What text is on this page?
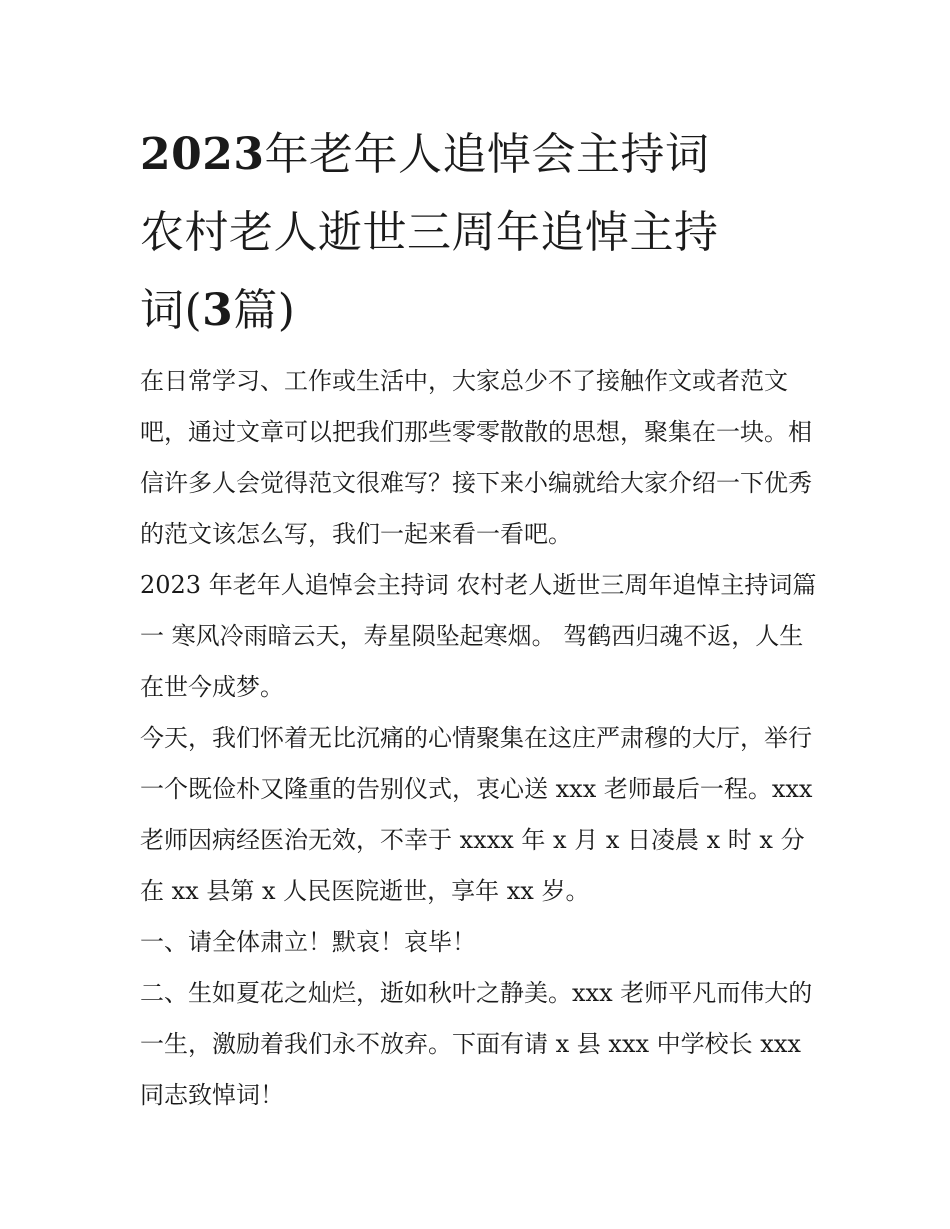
2023年老年人追悼会主持词
农村老人逝世三周年追悼主持
词(3篇)

在日常学习、工作或生活中，大家总少不了接触作文或者范文吧，通过文章可以把我们那些零零散散的思想，聚集在一块。相信许多人会觉得范文很难写？接下来小编就给大家介绍一下优秀的范文该怎么写，我们一起来看一看吧。

2023 年老年人追悼会主持词 农村老人逝世三周年追悼主持词篇一 寒风冷雨暗云天，寿星陨坠起寒烟。 驾鹤西归魂不返，人生在世今成梦。

今天，我们怀着无比沉痛的心情聚集在这庄严肃穆的大厅，举行一个既俭朴又隆重的告别仪式，衷心送 xxx 老师最后一程。xxx 老师因病经医治无效，不幸于 xxxx 年 x 月 x 日凌晨 x 时 x 分在 xx 县第 x 人民医院逝世，享年 xx 岁。

一、请全体肃立！默哀！哀毕！

二、生如夏花之灿烂，逝如秋叶之静美。xxx 老师平凡而伟大的一生，激励着我们永不放弃。下面有请 x 县 xxx 中学校长 xxx 同志致悼词！
